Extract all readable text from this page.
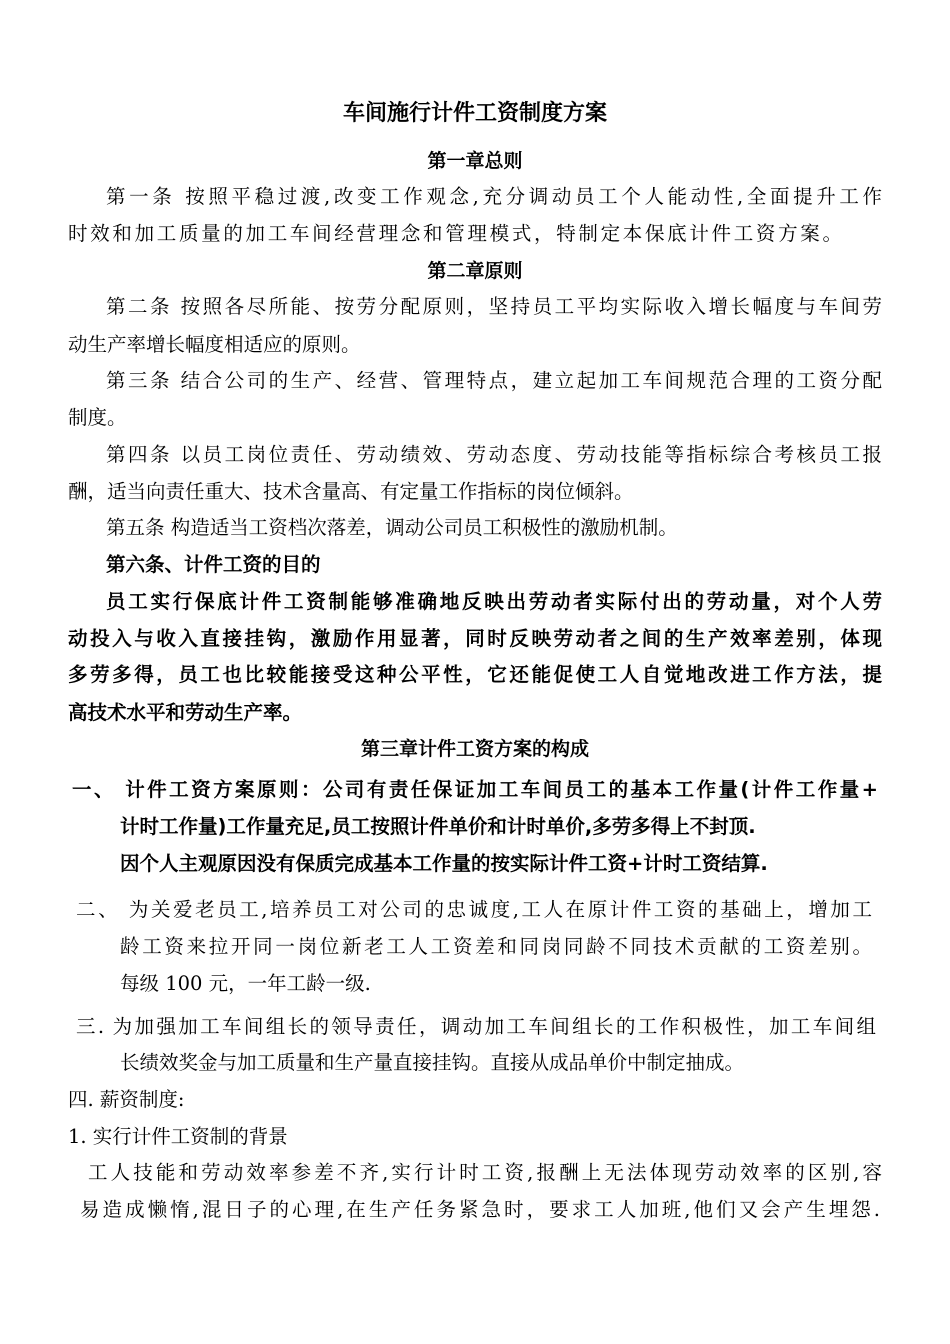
车间施行计件工资制度方案
第一章总则
第一条 按照平稳过渡,改变工作观念,充分调动员工个人能动性,全面提升工作
时效和加工质量的加工车间经营理念和管理模式，特制定本保底计件工资方案。
第二章原则
第二条 按照各尽所能、按劳分配原则，坚持员工平均实际收入增长幅度与车间劳
动生产率增长幅度相适应的原则。
第三条 结合公司的生产、经营、管理特点，建立起加工车间规范合理的工资分配
制度。
第四条 以员工岗位责任、劳动绩效、劳动态度、劳动技能等指标综合考核员工报
酬，适当向责任重大、技术含量高、有定量工作指标的岗位倾斜。
第五条 构造适当工资档次落差，调动公司员工积极性的激励机制。
第六条、计件工资的目的
员工实行保底计件工资制能够准确地反映出劳动者实际付出的劳动量，对个人劳
动投入与收入直接挂钩，激励作用显著，同时反映劳动者之间的生产效率差别，体现
多劳多得，员工也比较能接受这种公平性，它还能促使工人自觉地改进工作方法，提
高技术水平和劳动生产率。
第三章计件工资方案的构成
一、 计件工资方案原则：公司有责任保证加工车间员工的基本工作量(计件工作量+
计时工作量)工作量充足,员工按照计件单价和计时单价,多劳多得上不封顶.
因个人主观原因没有保质完成基本工作量的按实际计件工资+计时工资结算.
二、 为关爱老员工,培养员工对公司的忠诚度,工人在原计件工资的基础上，增加工
龄工资来拉开同一岗位新老工人工资差和同岗同龄不同技术贡献的工资差别。
每级 100 元，一年工龄一级.
三. 为加强加工车间组长的领导责任，调动加工车间组长的工作积极性，加工车间组
长绩效奖金与加工质量和生产量直接挂钩。直接从成品单价中制定抽成。
四. 薪资制度:
1. 实行计件工资制的背景
工人技能和劳动效率参差不齐,实行计时工资,报酬上无法体现劳动效率的区别,容
易造成懒惰,混日子的心理,在生产任务紧急时，要求工人加班,他们又会产生埋怨.
